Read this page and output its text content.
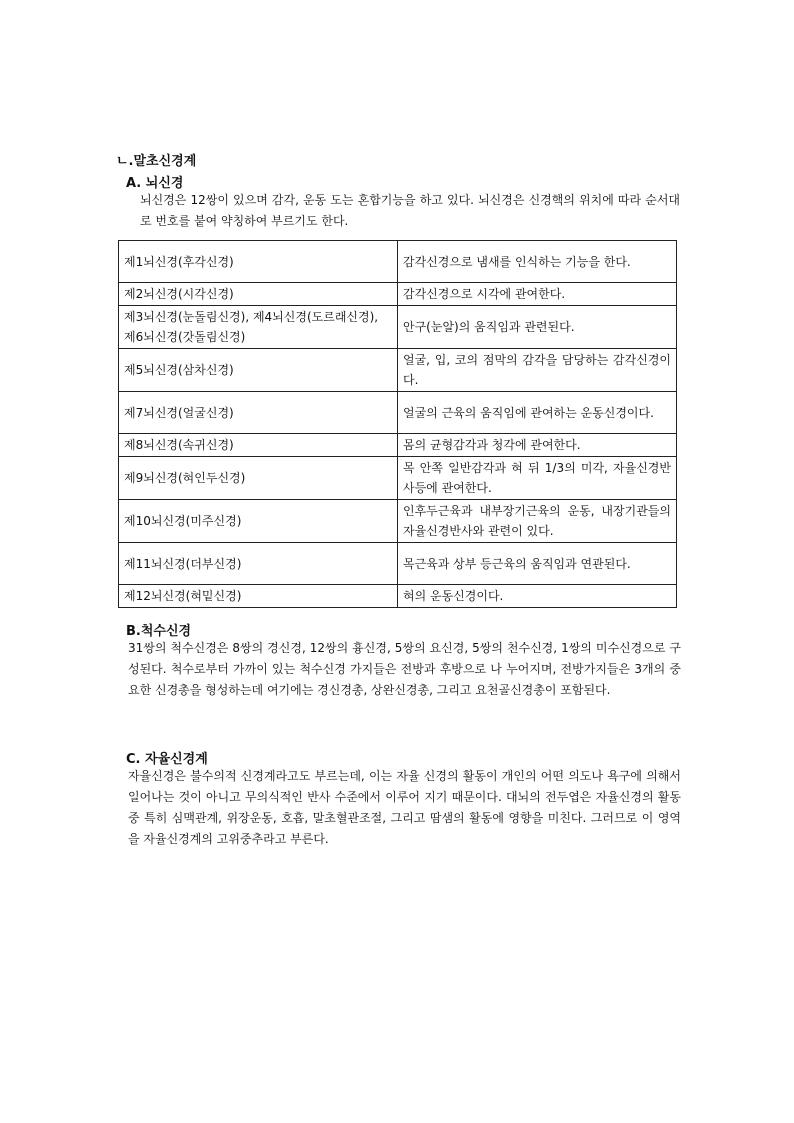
ㄴ.말초신경계
A. 뇌신경

뇌신경은 12쌍이 있으며 감각, 운동 도는 혼합기능을 하고 있다. 뇌신경은 신경핵의 위치에 따라 순서대로 번호를 붙여 약칭하여 부르기도 한다.

제1뇌신경(후각신경)	감각신경으로 냄새를 인식하는 기능을 한다.
제2뇌신경(시각신경)	감각신경으로 시각에 관여한다.
제3뇌신경(눈돌림신경), 제4뇌신경(도르래신경), 제6뇌신경(갓돌림신경)	안구(눈알)의 움직임과 관련된다.
제5뇌신경(삼차신경)	얼굴, 입, 코의 점막의 감각을 담당하는 감각신경이다.
제7뇌신경(얼굴신경)	얼굴의 근육의 움직임에 관여하는 운동신경이다.
제8뇌신경(속귀신경)	몸의 균형감각과 청각에 관여한다.
제9뇌신경(혀인두신경)	목 안쪽 일반감각과 혀 뒤 1/3의 미각, 자율신경반사등에 관여한다.
제10뇌신경(미주신경)	인후두근육과 내부장기근육의 운동, 내장기관들의 자율신경반사와 관련이 있다.
제11뇌신경(더부신경)	목근육과 상부 등근육의 움직임과 연관된다.
제12뇌신경(혀밑신경)	혀의 운동신경이다.
B.척수신경

31쌍의 척수신경은 8쌍의 경신경, 12쌍의 흉신경, 5쌍의 요신경, 5쌍의 천수신경, 1쌍의 미수신경으로 구성된다. 척수로부터 가까이 있는 척수신경 가지들은 전방과 후방으로 나 누어지며, 전방가지들은 3개의 중요한 신경총을 형성하는데 여기에는 경신경총, 상완신경총, 그리고 요천골신경총이 포함된다.

C. 자율신경계

자율신경은 불수의적 신경계라고도 부르는데, 이는 자율 신경의 활동이 개인의 어떤 의도나 욕구에 의해서 일어나는 것이 아니고 무의식적인 반사 수준에서 이루어 지기 때문이다. 대뇌의 전두엽은 자율신경의 활동 중 특히 심맥관계, 위장운동, 호흡, 말초혈관조절, 그리고 땀샘의 활동에 영향을 미친다. 그러므로 이 영역을 자율신경계의 고위중추라고 부른다.
